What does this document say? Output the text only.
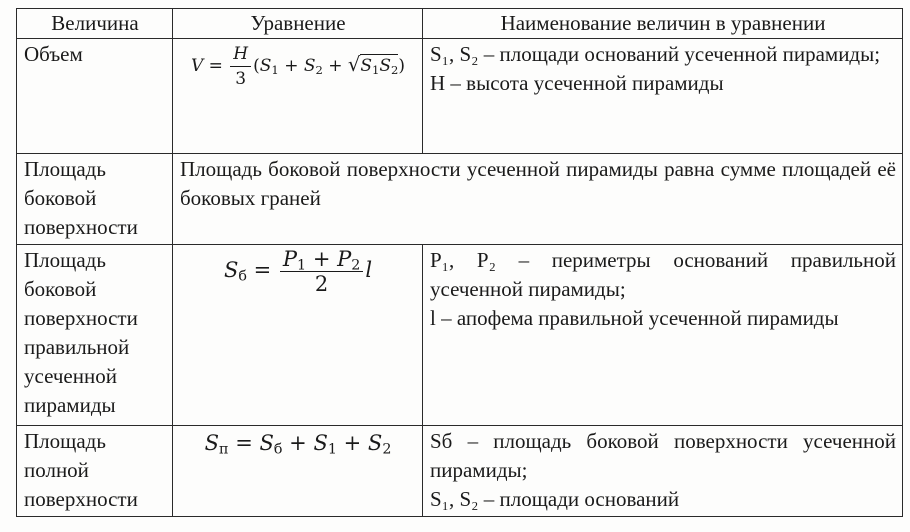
Величина	Уравнение	Наименование величин в уравнении
Объем	$V = \frac{H}{3} (S_1 + S_2 + √S_1S_2)$	S₁, S₂ – площади оснований усеченной пирамиды;
H – высота усеченной пирамиды

Площадь боковой поверхности	Площадь боковой поверхности усеченной пирамиды равна сумме площадей её боковых граней	
Площадь боковой поверхности правильной усеченной пирамиды	$S_б = \frac{P_1 + P_2}{2}$ l	P₁, P₂ – периметры оснований правильной усеченной пирамиды;
l – апофема правильной усеченной пирамиды

Площадь полной поверхности	$S_п = S_б + S_1 + S_2$	Sб – площадь боковой поверхности усеченной пирамиды;
S₁, S₂ – площади оснований
